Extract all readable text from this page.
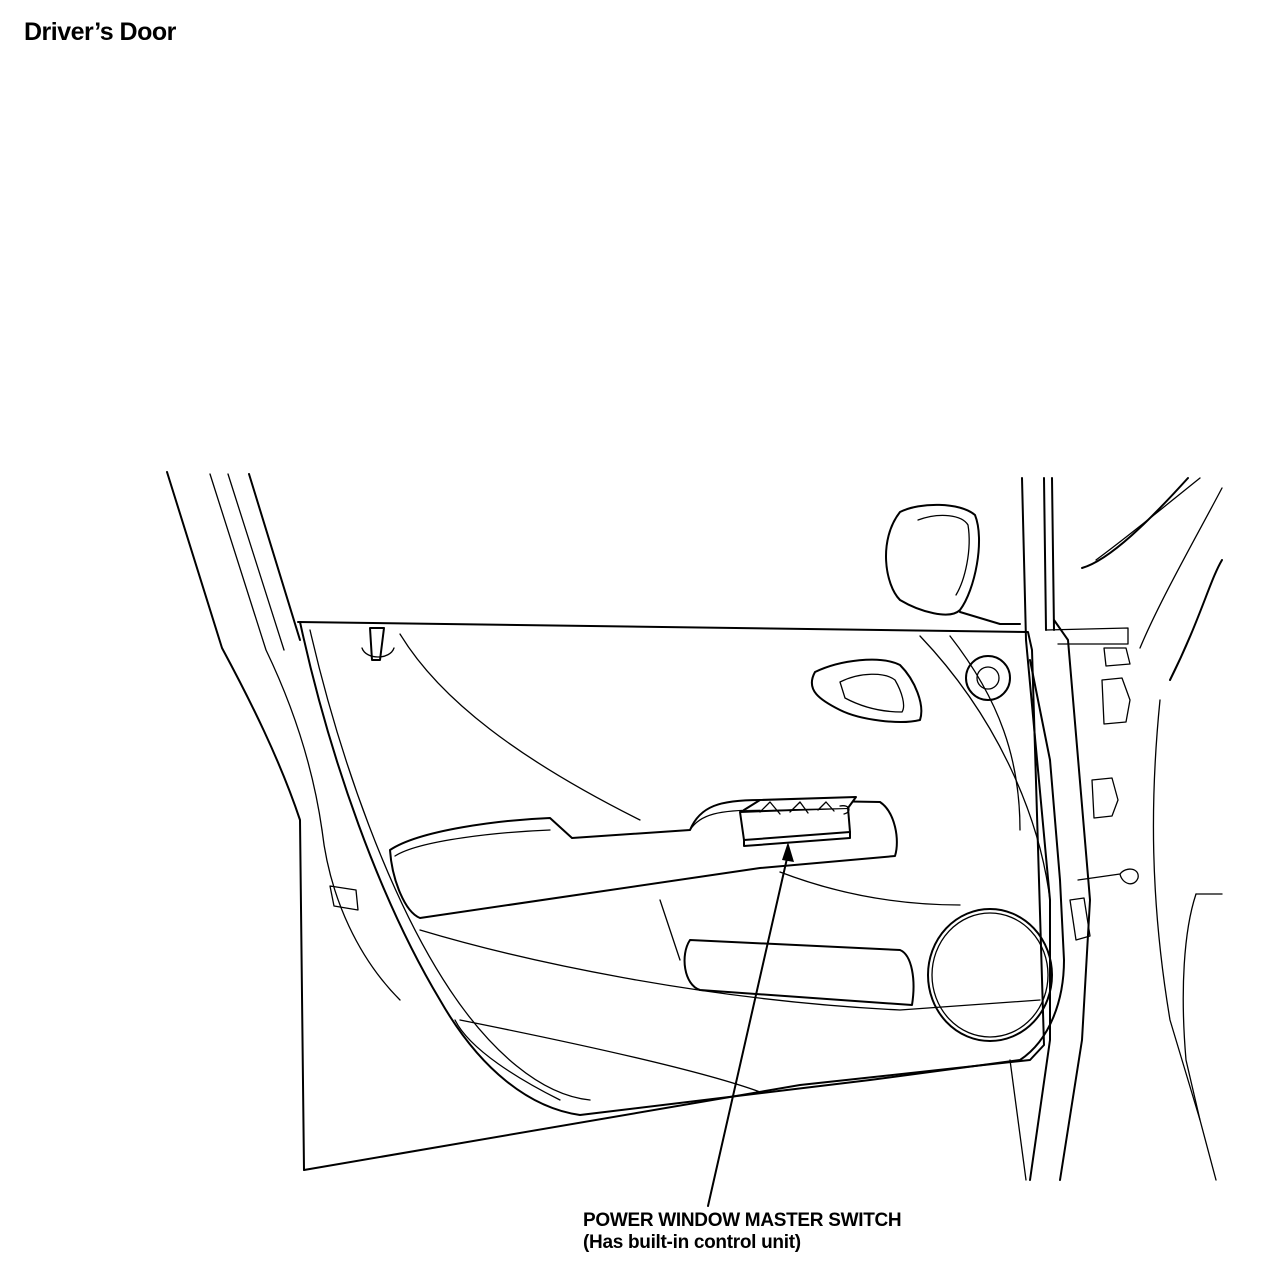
Driver’s Door
POWER WINDOW MASTER SWITCH
(Has built-in control unit)
